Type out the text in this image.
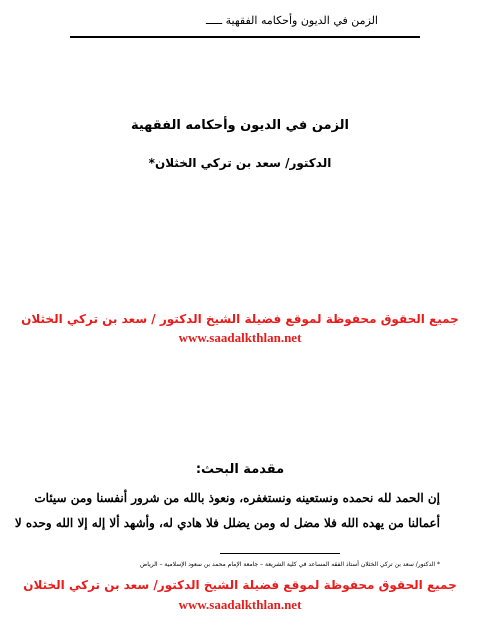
الزمن في الديون وأحكامه الفقهية ـــــ
الزمن في الديون وأحكامه الفقهية
الدكتور/ سعد بن تركي الخثلان*
جميع الحقوق محفوظة لموقع فضيلة الشيخ الدكتور / سعد بن تركي الخثلان
www.saadalkthlan.net
مقدمة البحث:
إن الحمد لله نحمده ونستعينه ونستغفره، ونعوذ بالله من شرور أنفسنا ومن سيئات
أعمالنا من يهده الله فلا مضل له ومن يضلل فلا هادي له، وأشهد ألا إله إلا الله وحده لا
* الدكتور/ سعد بن تركي الخثلان أستاذ الفقه المساعد في كلية الشريعة – جامعة الإمام محمد بن سعود الإسلامية – الرياض
جميع الحقوق محفوظة لموقع فضيلة الشيخ الدكتور/ سعد بن تركي الخثلان
www.saadalkthlan.net
